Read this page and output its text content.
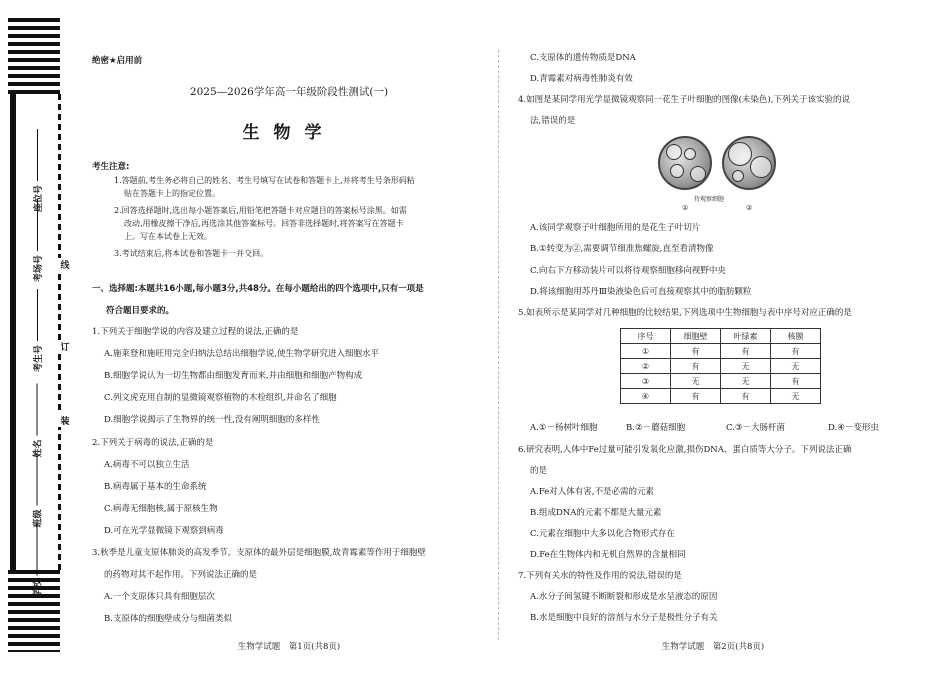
座位号
考场号
考生号
姓名
班级
学校
线
订
装
绝密★启用前
2025—2026学年高一年级阶段性测试(一)
生物学
考生注意:
1.答题前,考生务必将自己的姓名、考生号填写在试卷和答题卡上,并将考生号条形码粘
贴在答题卡上的指定位置。
2.回答选择题时,选出每小题答案后,用铅笔把答题卡对应题目的答案标号涂黑。如需
改动,用橡皮擦干净后,再选涂其他答案标号。回答非选择题时,将答案写在答题卡
上。写在本试卷上无效。
3.考试结束后,将本试卷和答题卡一并交回。
一、选择题:本题共16小题,每小题3分,共48分。在每小题给出的四个选项中,只有一项是
符合题目要求的。
1.下列关于细胞学说的内容及建立过程的说法,正确的是
A.施莱登和施旺用完全归纳法总结出细胞学说,使生物学研究进入细胞水平
B.细胞学说认为一切生物都由细胞发育而来,并由细胞和细胞产物构成
C.列文虎克用自制的显微镜观察植物的木栓组织,并命名了细胞
D.细胞学说揭示了生物界的统一性,没有阐明细胞的多样性
2.下列关于病毒的说法,正确的是
A.病毒不可以独立生活
B.病毒属于基本的生命系统
C.病毒无细胞核,属于原核生物
D.可在光学显微镜下观察到病毒
3.秋季是儿童支原体肺炎的高发季节。支原体的最外层是细胞膜,故青霉素等作用于细胞壁
的药物对其不起作用。下列说法正确的是
A.一个支原体只具有细胞层次
B.支原体的细胞壁成分与细菌类似
生物学试题　第1页(共8页)
C.支原体的遗传物质是DNA
D.青霉素对病毒性肺炎有效
4.如图是某同学用光学显微镜观察同一花生子叶细胞的图像(未染色),下列关于该实验的说
法,错误的是
待观察细胞
①	②
A.该同学观察子叶细胞所用的是花生子叶切片
B.①转变为②,需要调节细准焦螺旋,直至看清物像
C.向右下方移动装片可以将待观察细胞移向视野中央
D.将该细胞用苏丹Ⅲ染液染色后可直接观察其中的脂肪颗粒
5.如表所示是某同学对几种细胞的比较结果,下列选项中生物细胞与表中序号对应正确的是
序号	细胞壁	叶绿素	核膜
①	有	有	有
②	有	无	无
③	无	无	有
④	有	有	无
A.①－杨树叶细胞	B.②－蘑菇细胞	C.③－大肠杆菌	D.④－变形虫
6.研究表明,人体中Fe过量可能引发氧化应激,损伤DNA、蛋白质等大分子。下列说法正确
的是
A.Fe对人体有害,不是必需的元素
B.组成DNA的元素不都是大量元素
C.元素在细胞中大多以化合物形式存在
D.Fe在生物体内和无机自然界的含量相同
7.下列有关水的特性及作用的说法,错误的是
A.水分子间氢键不断断裂和形成是水呈液态的原因
B.水是细胞中良好的溶剂与水分子是极性分子有关
生物学试题　第2页(共8页)
